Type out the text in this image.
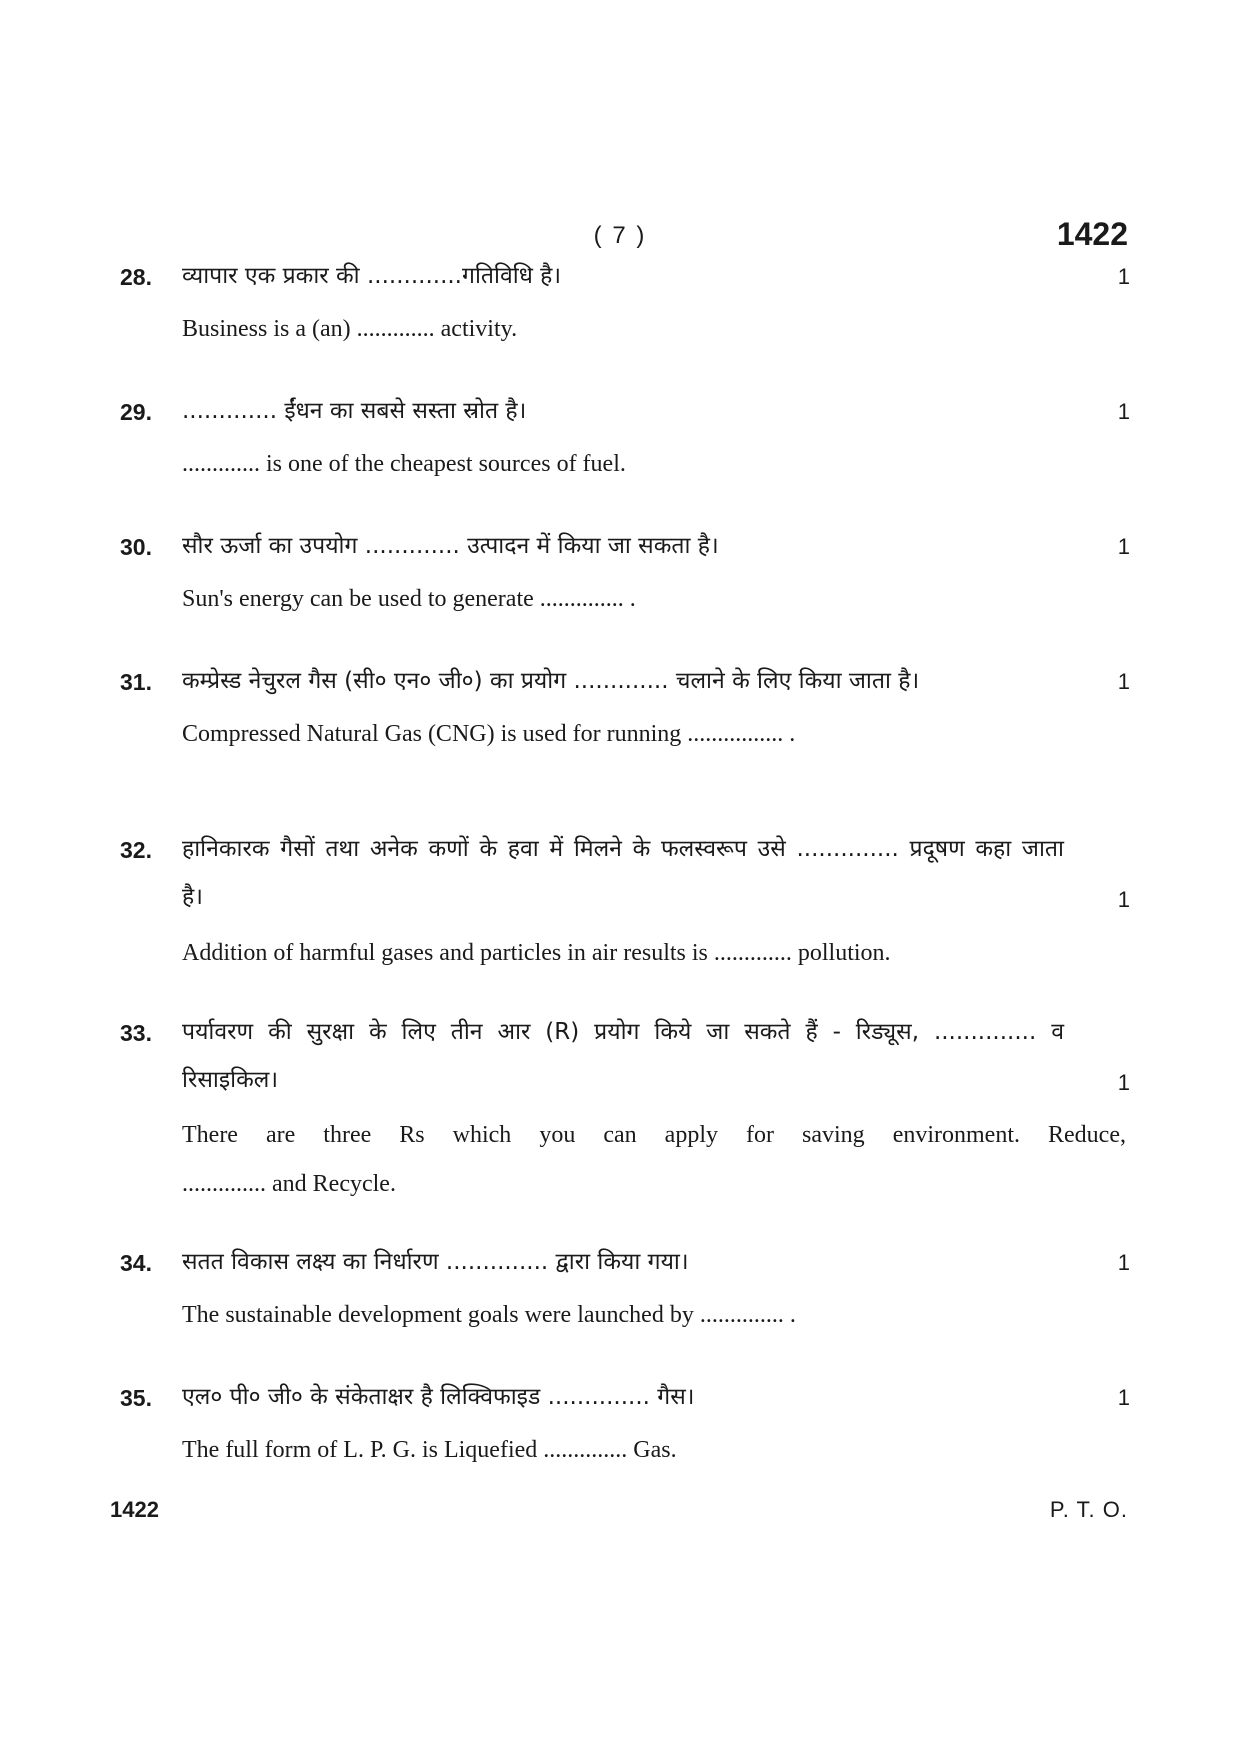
( 7 )	1422
28. व्यापार एक प्रकार की .............गतिविधि है।	1
Business is a (an) ............. activity.
29. ............. ईंधन का सबसे सस्ता स्रोत है।	1
............. is one of the cheapest sources of fuel.
30. सौर ऊर्जा का उपयोग ............. उत्पादन में किया जा सकता है।	1
Sun's energy can be used to generate .............. .
31. कम्प्रेस्ड नेचुरल गैस (सी० एन० जी०) का प्रयोग ............. चलाने के लिए किया जाता है।	1
Compressed Natural Gas (CNG) is used for running ................ .
32. हानिकारक गैसों तथा अनेक कणों के हवा में मिलने के फलस्वरूप उसे .............. प्रदूषण कहा जाता
है।	1
Addition of harmful gases and particles in air results is ............. pollution.
33. पर्यावरण की सुरक्षा के लिए तीन आर (R) प्रयोग किये जा सकते हैं - रिड्यूस, .............. व
रिसाइकिल।	1
There are three Rs which you can apply for saving environment. Reduce,
.............. and Recycle.
34. सतत विकास लक्ष्य का निर्धारण .............. द्वारा किया गया।	1
The sustainable development goals were launched by .............. .
35. एल० पी० जी० के संकेताक्षर है लिक्विफाइड .............. गैस।	1
The full form of L. P. G. is Liquefied .............. Gas.
1422	P. T. O.
